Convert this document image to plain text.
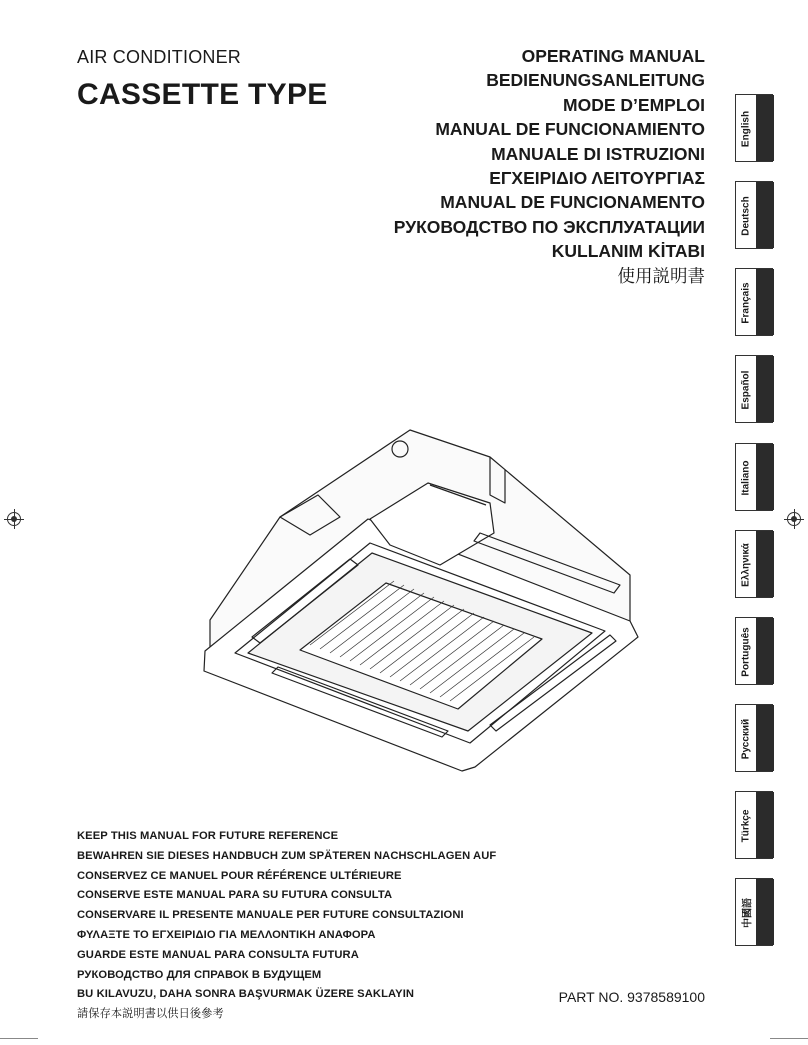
AIR CONDITIONER
CASSETTE TYPE
OPERATING MANUAL
BEDIENUNGSANLEITUNG
MODE D’EMPLOI
MANUAL DE FUNCIONAMIENTO
MANUALE DI ISTRUZIONI
ΕΓΧΕΙΡΙΔΙΟ ΛΕΙΤΟΥΡΓΙΑΣ
MANUAL DE FUNCIONAMENTO
РУКОВОДСТВО ПО ЭКСПЛУАТАЦИИ
KULLANIM KİTABI
使用説明書
English
Deutsch
Français
Español
Italiano
Ελληνικά
Português
Русский
Türkçe
中國語
KEEP THIS MANUAL FOR FUTURE REFERENCE
BEWAHREN SIE DIESES HANDBUCH ZUM SPÄTEREN NACHSCHLAGEN AUF
CONSERVEZ CE MANUEL POUR RÉFÉRENCE ULTÉRIEURE
CONSERVE ESTE MANUAL PARA SU FUTURA CONSULTA
CONSERVARE IL PRESENTE MANUALE PER FUTURE CONSULTAZIONI
ΦΥΛΑΞΤΕ ΤΟ ΕΓΧΕΙΡΙΔΙΟ ΓΙΑ ΜΕΛΛΟΝΤΙΚΗ ΑΝΑΦΟΡΑ
GUARDE ESTE MANUAL PARA CONSULTA FUTURA
РУКОВОДСТВО ДЛЯ СПРАВОК В БУДУЩЕМ
BU KILAVUZU, DAHA SONRA BAŞVURMAK ÜZERE SAKLAYIN
請保存本説明書以供日後參考
PART NO. 9378589100
